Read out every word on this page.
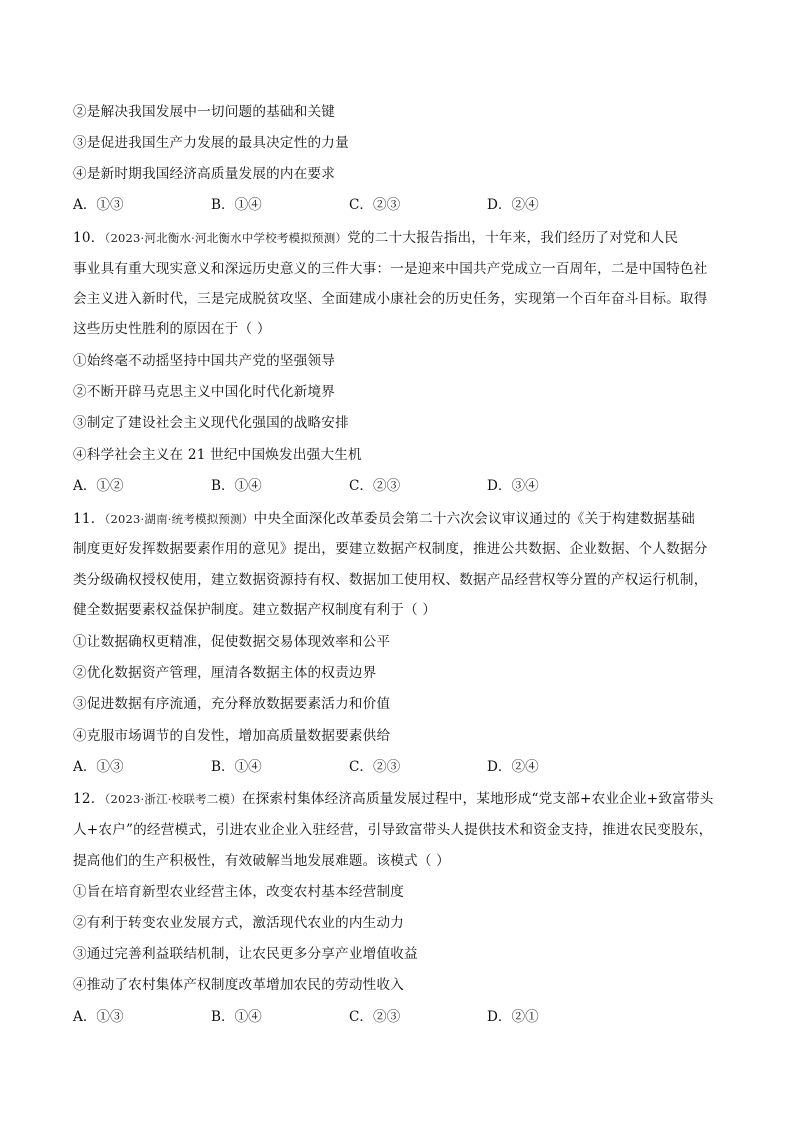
②是解决我国发展中一切问题的基础和关键
③是促进我国生产力发展的最具决定性的力量
④是新时期我国经济高质量发展的内在要求
A．①③	B．①④	C．②③	D．②④
10．（2023·河北衡水·河北衡水中学校考模拟预测）党的二十大报告指出，十年来，我们经历了对党和人民
事业具有重大现实意义和深远历史意义的三件大事：一是迎来中国共产党成立一百周年，二是中国特色社
会主义进入新时代，三是完成脱贫攻坚、全面建成小康社会的历史任务，实现第一个百年奋斗目标。取得
这些历史性胜利的原因在于（ ）
①始终毫不动摇坚持中国共产党的坚强领导
②不断开辟马克思主义中国化时代化新境界
③制定了建设社会主义现代化强国的战略安排
④科学社会主义在 21 世纪中国焕发出强大生机
A．①②	B．①④	C．②③	D．③④
11．（2023·湖南·统考模拟预测）中央全面深化改革委员会第二十六次会议审议通过的《关于构建数据基础
制度更好发挥数据要素作用的意见》提出，要建立数据产权制度，推进公共数据、企业数据、个人数据分
类分级确权授权使用，建立数据资源持有权、数据加工使用权、数据产品经营权等分置的产权运行机制，
健全数据要素权益保护制度。建立数据产权制度有利于（ ）
①让数据确权更精准，促使数据交易体现效率和公平
②优化数据资产管理，厘清各数据主体的权责边界
③促进数据有序流通，充分释放数据要素活力和价值
④克服市场调节的自发性，增加高质量数据要素供给
A．①③	B．①④	C．②③	D．②④
12．（2023·浙江·校联考二模）在探索村集体经济高质量发展过程中，某地形成“党支部+农业企业+致富带头
人+农户”的经营模式，引进农业企业入驻经营，引导致富带头人提供技术和资金支持，推进农民变股东，
提高他们的生产积极性，有效破解当地发展难题。该模式（ ）
①旨在培育新型农业经营主体，改变农村基本经营制度
②有利于转变农业发展方式，激活现代农业的内生动力
③通过完善利益联结机制，让农民更多分享产业增值收益
④推动了农村集体产权制度改革增加农民的劳动性收入
A．①③	B．①④	C．②③	D．②①
